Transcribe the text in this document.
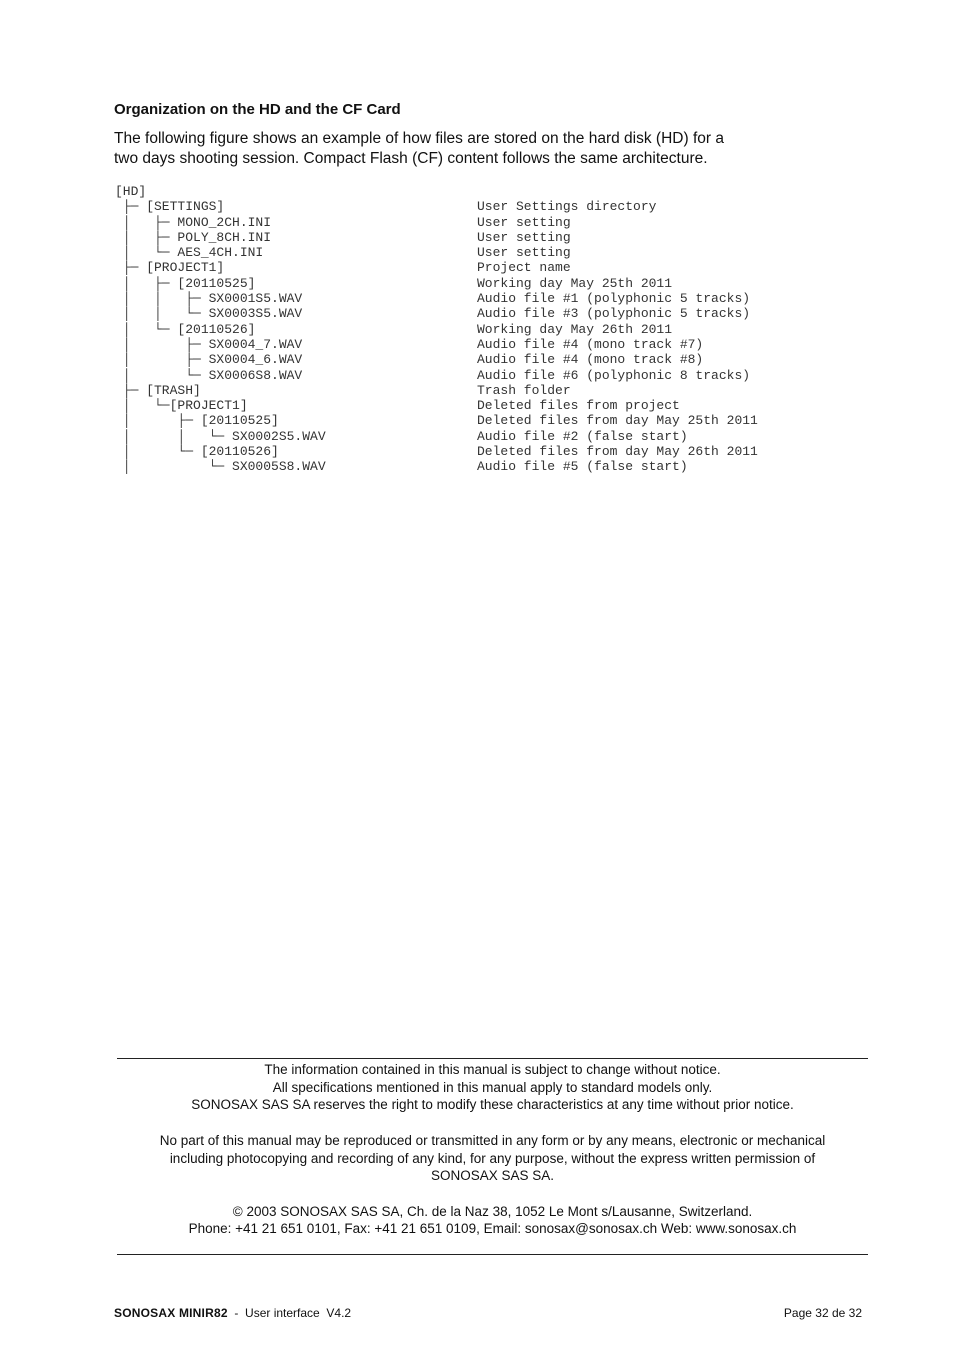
Organization on the HD and the CF Card
The following figure shows an example of how files are stored on the hard disk (HD) for a
two days shooting session. Compact Flash (CF) content follows the same architecture.
[HD]
├─ [SETTINGS]	User Settings directory
│   ├─ MONO_2CH.INI	User setting
│   ├─ POLY_8CH.INI	User setting
│   └─ AES_4CH.INI	User setting
├─ [PROJECT1]	Project name
│   ├─ [20110525]	Working day May 25th 2011
│   │   ├─ SX0001S5.WAV	Audio file #1 (polyphonic 5 tracks)
│   │   └─ SX0003S5.WAV	Audio file #3 (polyphonic 5 tracks)
│   └─ [20110526]	Working day May 26th 2011
│       ├─ SX0004_7.WAV	Audio file #4 (mono track #7)
│       ├─ SX0004_6.WAV	Audio file #4 (mono track #8)
│       └─ SX0006S8.WAV	Audio file #6 (polyphonic 8 tracks)
├─ [TRASH]	Trash folder
│   └─[PROJECT1]	Deleted files from project
│      ├─ [20110525]	Deleted files from day May 25th 2011
│      │   └─ SX0002S5.WAV	Audio file #2 (false start)
│      └─ [20110526]	Deleted files from day May 26th 2011
│          └─ SX0005S8.WAV	Audio file #5 (false start)
The information contained in this manual is subject to change without notice.
All specifications mentioned in this manual apply to standard models only.
SONOSAX SAS SA reserves the right to modify these characteristics at any time without prior notice.
No part of this manual may be reproduced or transmitted in any form or by any means, electronic or mechanical
including photocopying and recording of any kind, for any purpose, without the express written permission of
SONOSAX SAS SA.
© 2003 SONOSAX SAS SA, Ch. de la Naz 38, 1052 Le Mont s/Lausanne, Switzerland.
Phone: +41 21 651 0101, Fax: +41 21 651 0109, Email: sonosax@sonosax.ch Web: www.sonosax.ch
SONOSAX MINIR82  -  User interface  V4.2	Page 32 de 32
